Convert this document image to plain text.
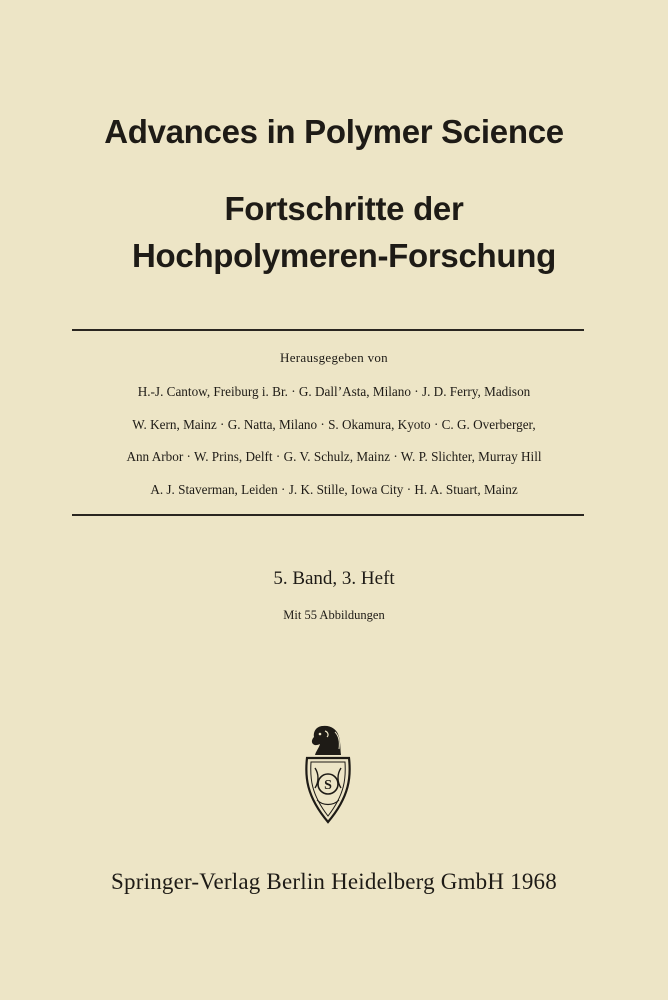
Advances in Polymer Science
Fortschritte der
Hochpolymeren-Forschung
Herausgegeben von
H.-J. Cantow, Freiburg i. Br. · G. Dall’Asta, Milano · J. D. Ferry, Madison
W. Kern, Mainz · G. Natta, Milano · S. Okamura, Kyoto · C. G. Overberger,
Ann Arbor · W. Prins, Delft · G. V. Schulz, Mainz · W. P. Slichter, Murray Hill
A. J. Staverman, Leiden · J. K. Stille, Iowa City · H. A. Stuart, Mainz
5. Band, 3. Heft
Mit 55 Abbildungen
S
Springer-Verlag Berlin Heidelberg GmbH 1968
